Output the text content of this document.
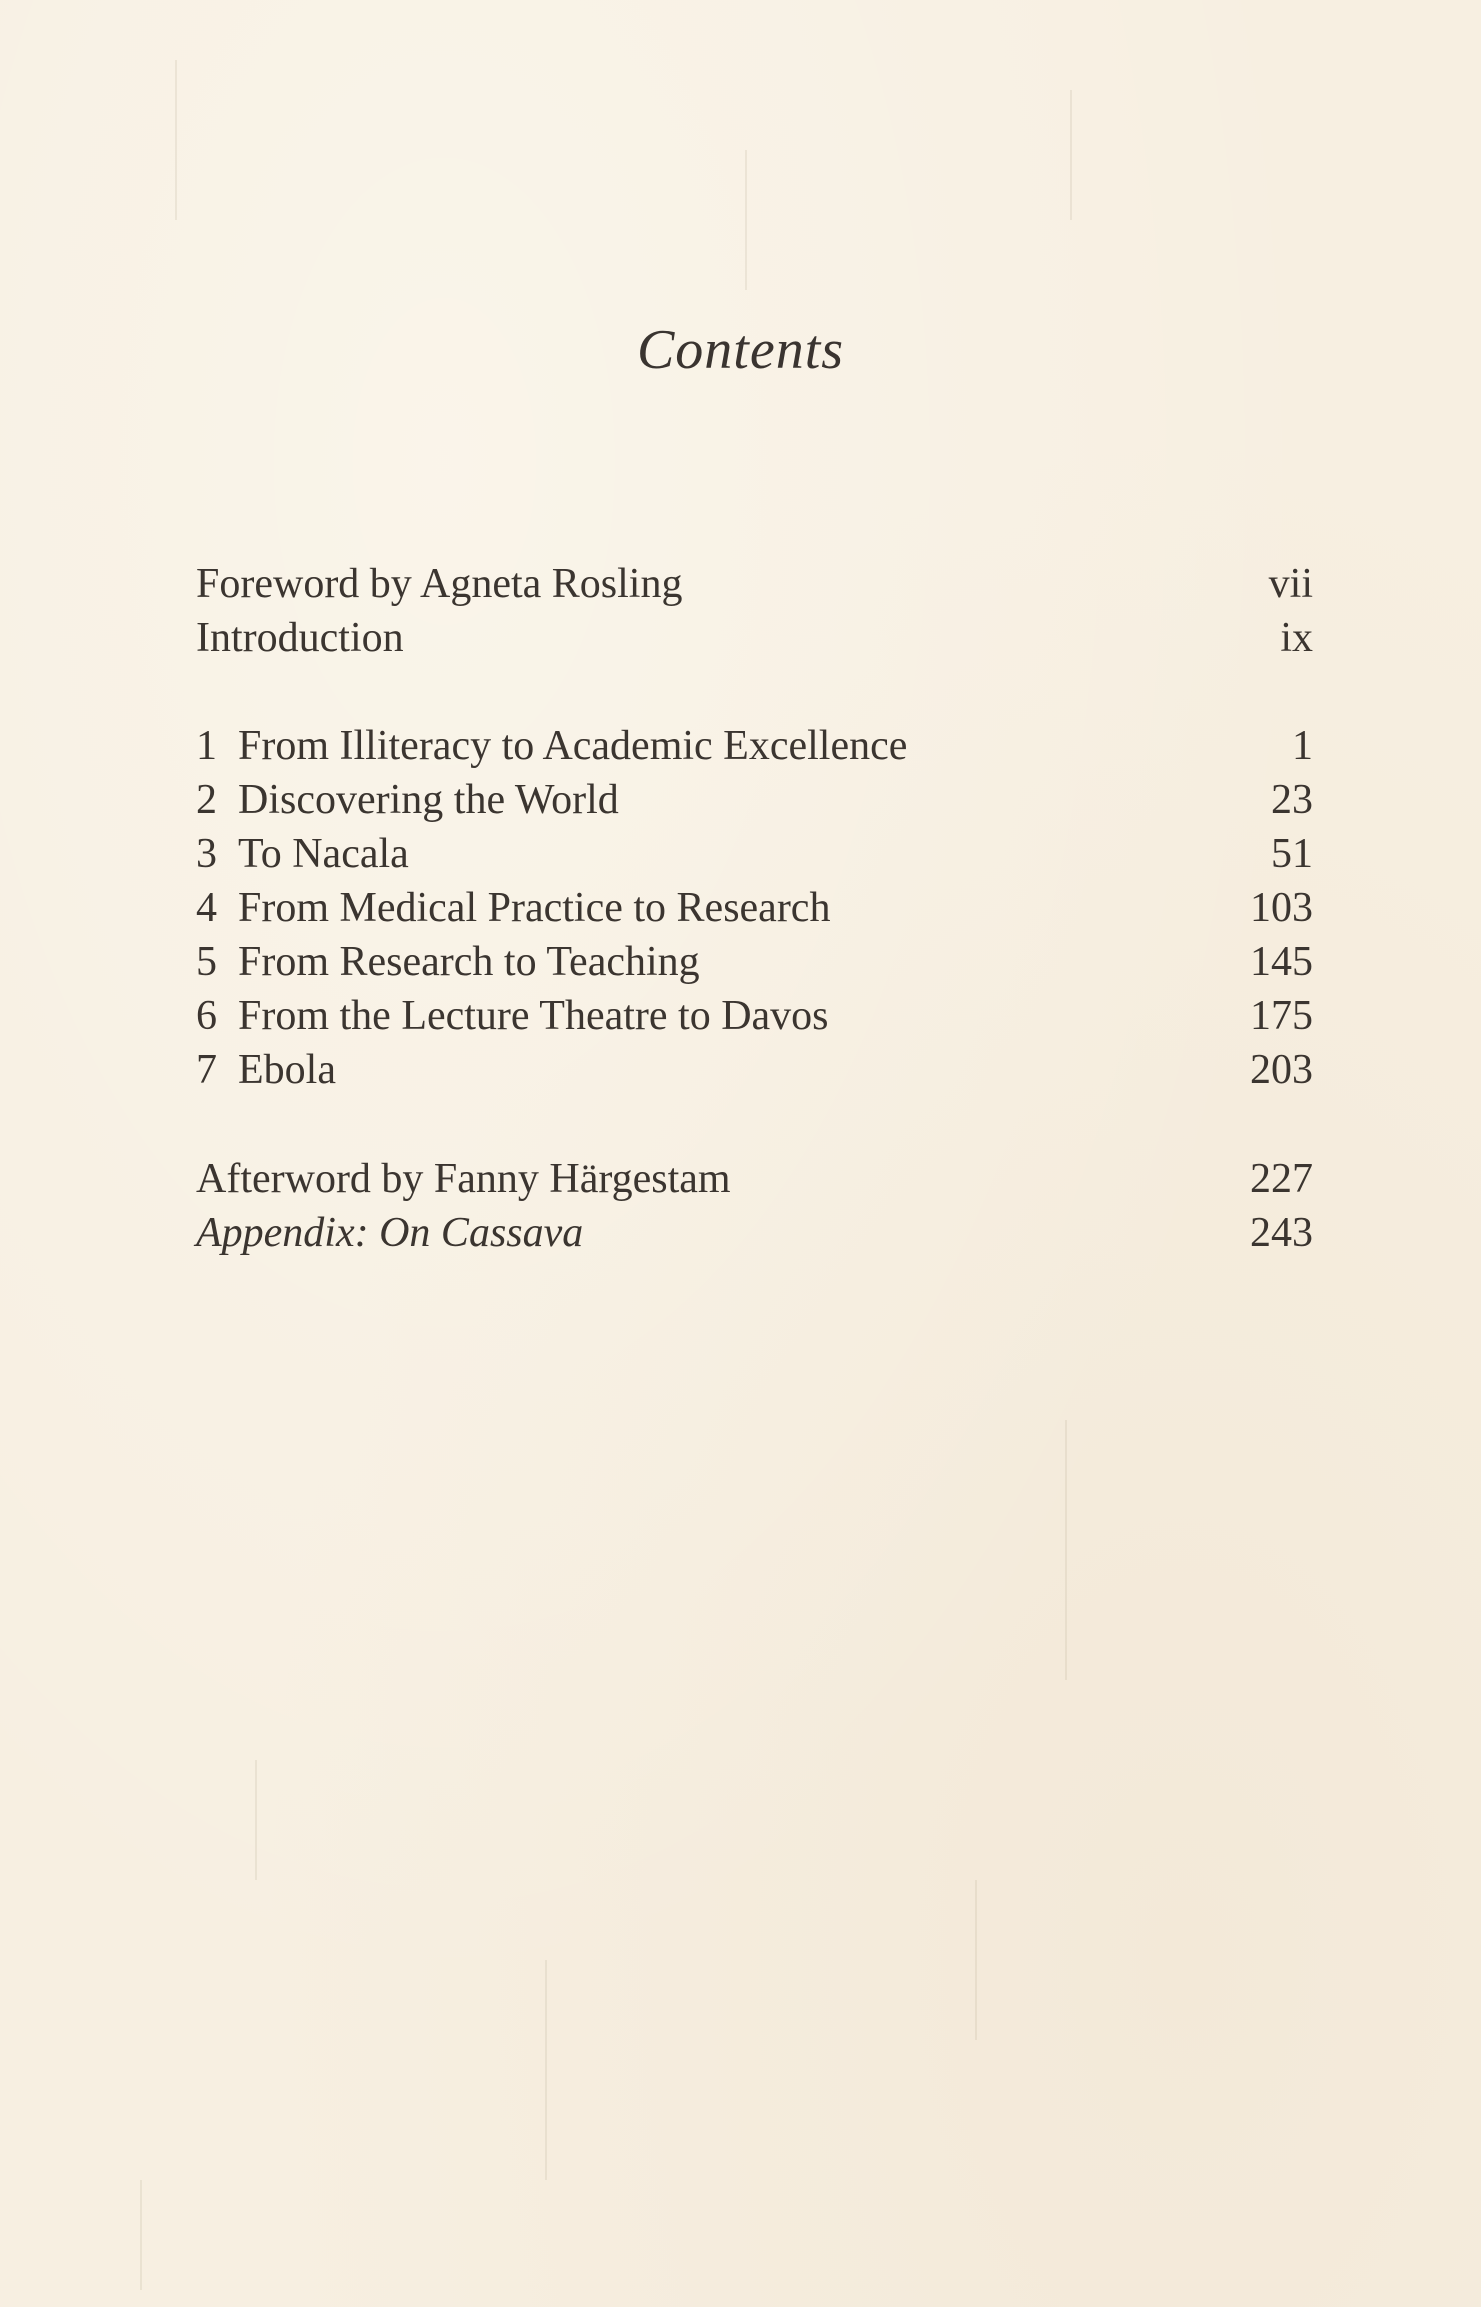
Contents
Foreword by Agneta Rosling	vii
Introduction	ix
1 From Illiteracy to Academic Excellence	1
2 Discovering the World	23
3 To Nacala	51
4 From Medical Practice to Research	103
5 From Research to Teaching	145
6 From the Lecture Theatre to Davos	175
7 Ebola	203
Afterword by Fanny Härgestam	227
Appendix: On Cassava	243
